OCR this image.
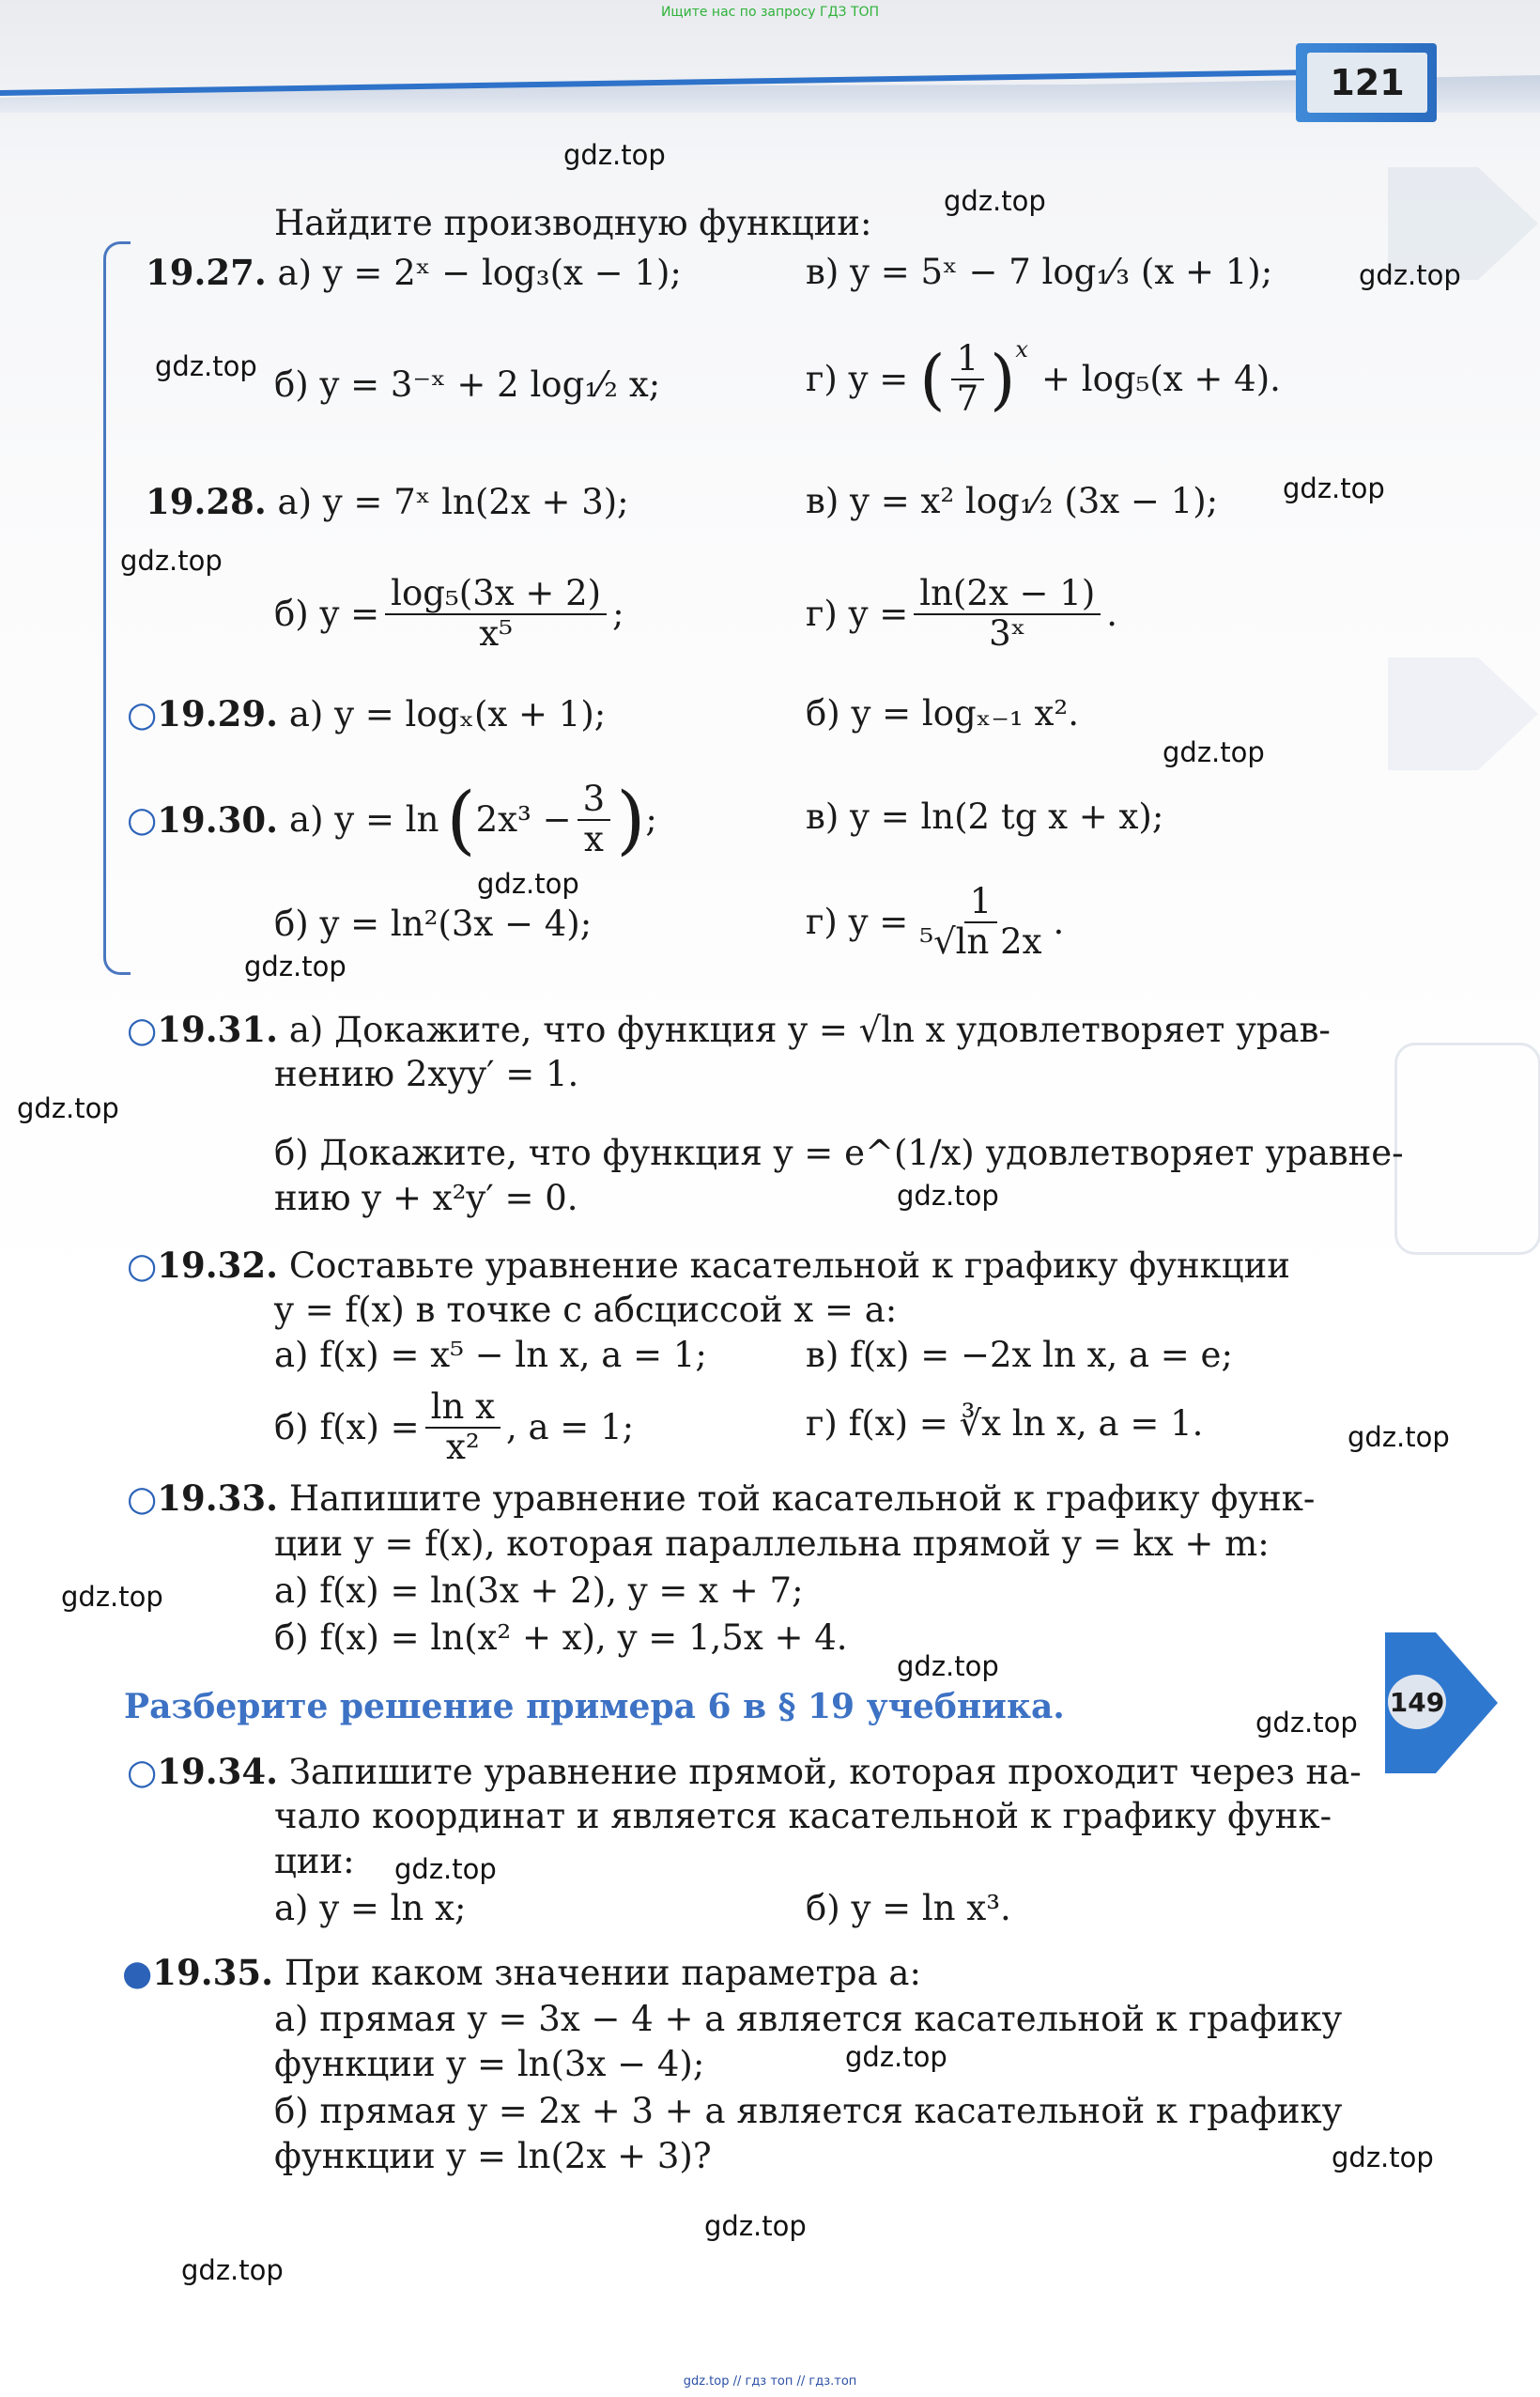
Ищите нас по запросу ГДЗ ТОП
121
gdz.top
gdz.top
gdz.top
gdz.top
gdz.top
gdz.top
gdz.top
gdz.top
gdz.top
gdz.top
gdz.top
gdz.top
gdz.top
gdz.top
gdz.top
gdz.top
gdz.top
gdz.top
gdz.top
gdz.top
Найдите производную функции:
19.27. а) y = 2ˣ − log₃(x − 1);	в) y = 5ˣ − 7 log₁⁄₃ (x + 1);
б) y = 3⁻ˣ + 2 log₁⁄₂ x;	г) y = ( $\frac{1}{7}$ ) x
+ log₅(x + 4).
19.28. а) y = 7ˣ ln(2x + 3);	в) y = x² log₁⁄₂ (3x − 1);
б) $y = \frac{\text{log₅(3x + 2)}}{\text{x⁵}}$ ;	г) $y = \frac{\ln(2x - 1)}{\text{3ˣ}}$ .
○19.29. а) y = logₓ(x + 1);	б) y = logₓ₋₁ x².
○ 19.30. а) y = ln ( $2x^3 - \frac{3}{x}$ ) ;	в) y = ln(2 tg x + x);
б) y = ln²(3x − 4);	г) $y = \frac{1}{\text{⁵√ln 2x}}$ .
○19.31. а) Докажите, что функция y = √ln x удовлетворяет урав-
нению 2xyy′ = 1.
б) Докажите, что функция y = e^(1/x) удовлетворяет уравне-
нию y + x²y′ = 0.
○19.32. Составьте уравнение касательной к графику функции
y = f(x) в точке с абсциссой x = a:
а) f(x) = x⁵ − ln x, a = 1;	в) f(x) = −2x ln x, a = e;
б) $f(x) = \frac{\text{ln x}}{\text{x²}}$ , a = 1;	г) f(x) = ∛x ln x, a = 1.
○19.33. Напишите уравнение той касательной к графику функ-
ции y = f(x), которая параллельна прямой y = kx + m:
а) f(x) = ln(3x + 2), y = x + 7;
б) f(x) = ln(x² + x), y = 1,5x + 4.
149
Разберите решение примера 6 в § 19 учебника.
○19.34. Запишите уравнение прямой, которая проходит через на-
чало координат и является касательной к графику функ-
ции:
а) y = ln x;	б) y = ln x³.
●19.35. При каком значении параметра a:
а) прямая y = 3x − 4 + a является касательной к графику
функции y = ln(3x − 4);
б) прямая y = 2x + 3 + a является касательной к графику
функции y = ln(2x + 3)?
gdz.top // гдз топ // гдз.топ
